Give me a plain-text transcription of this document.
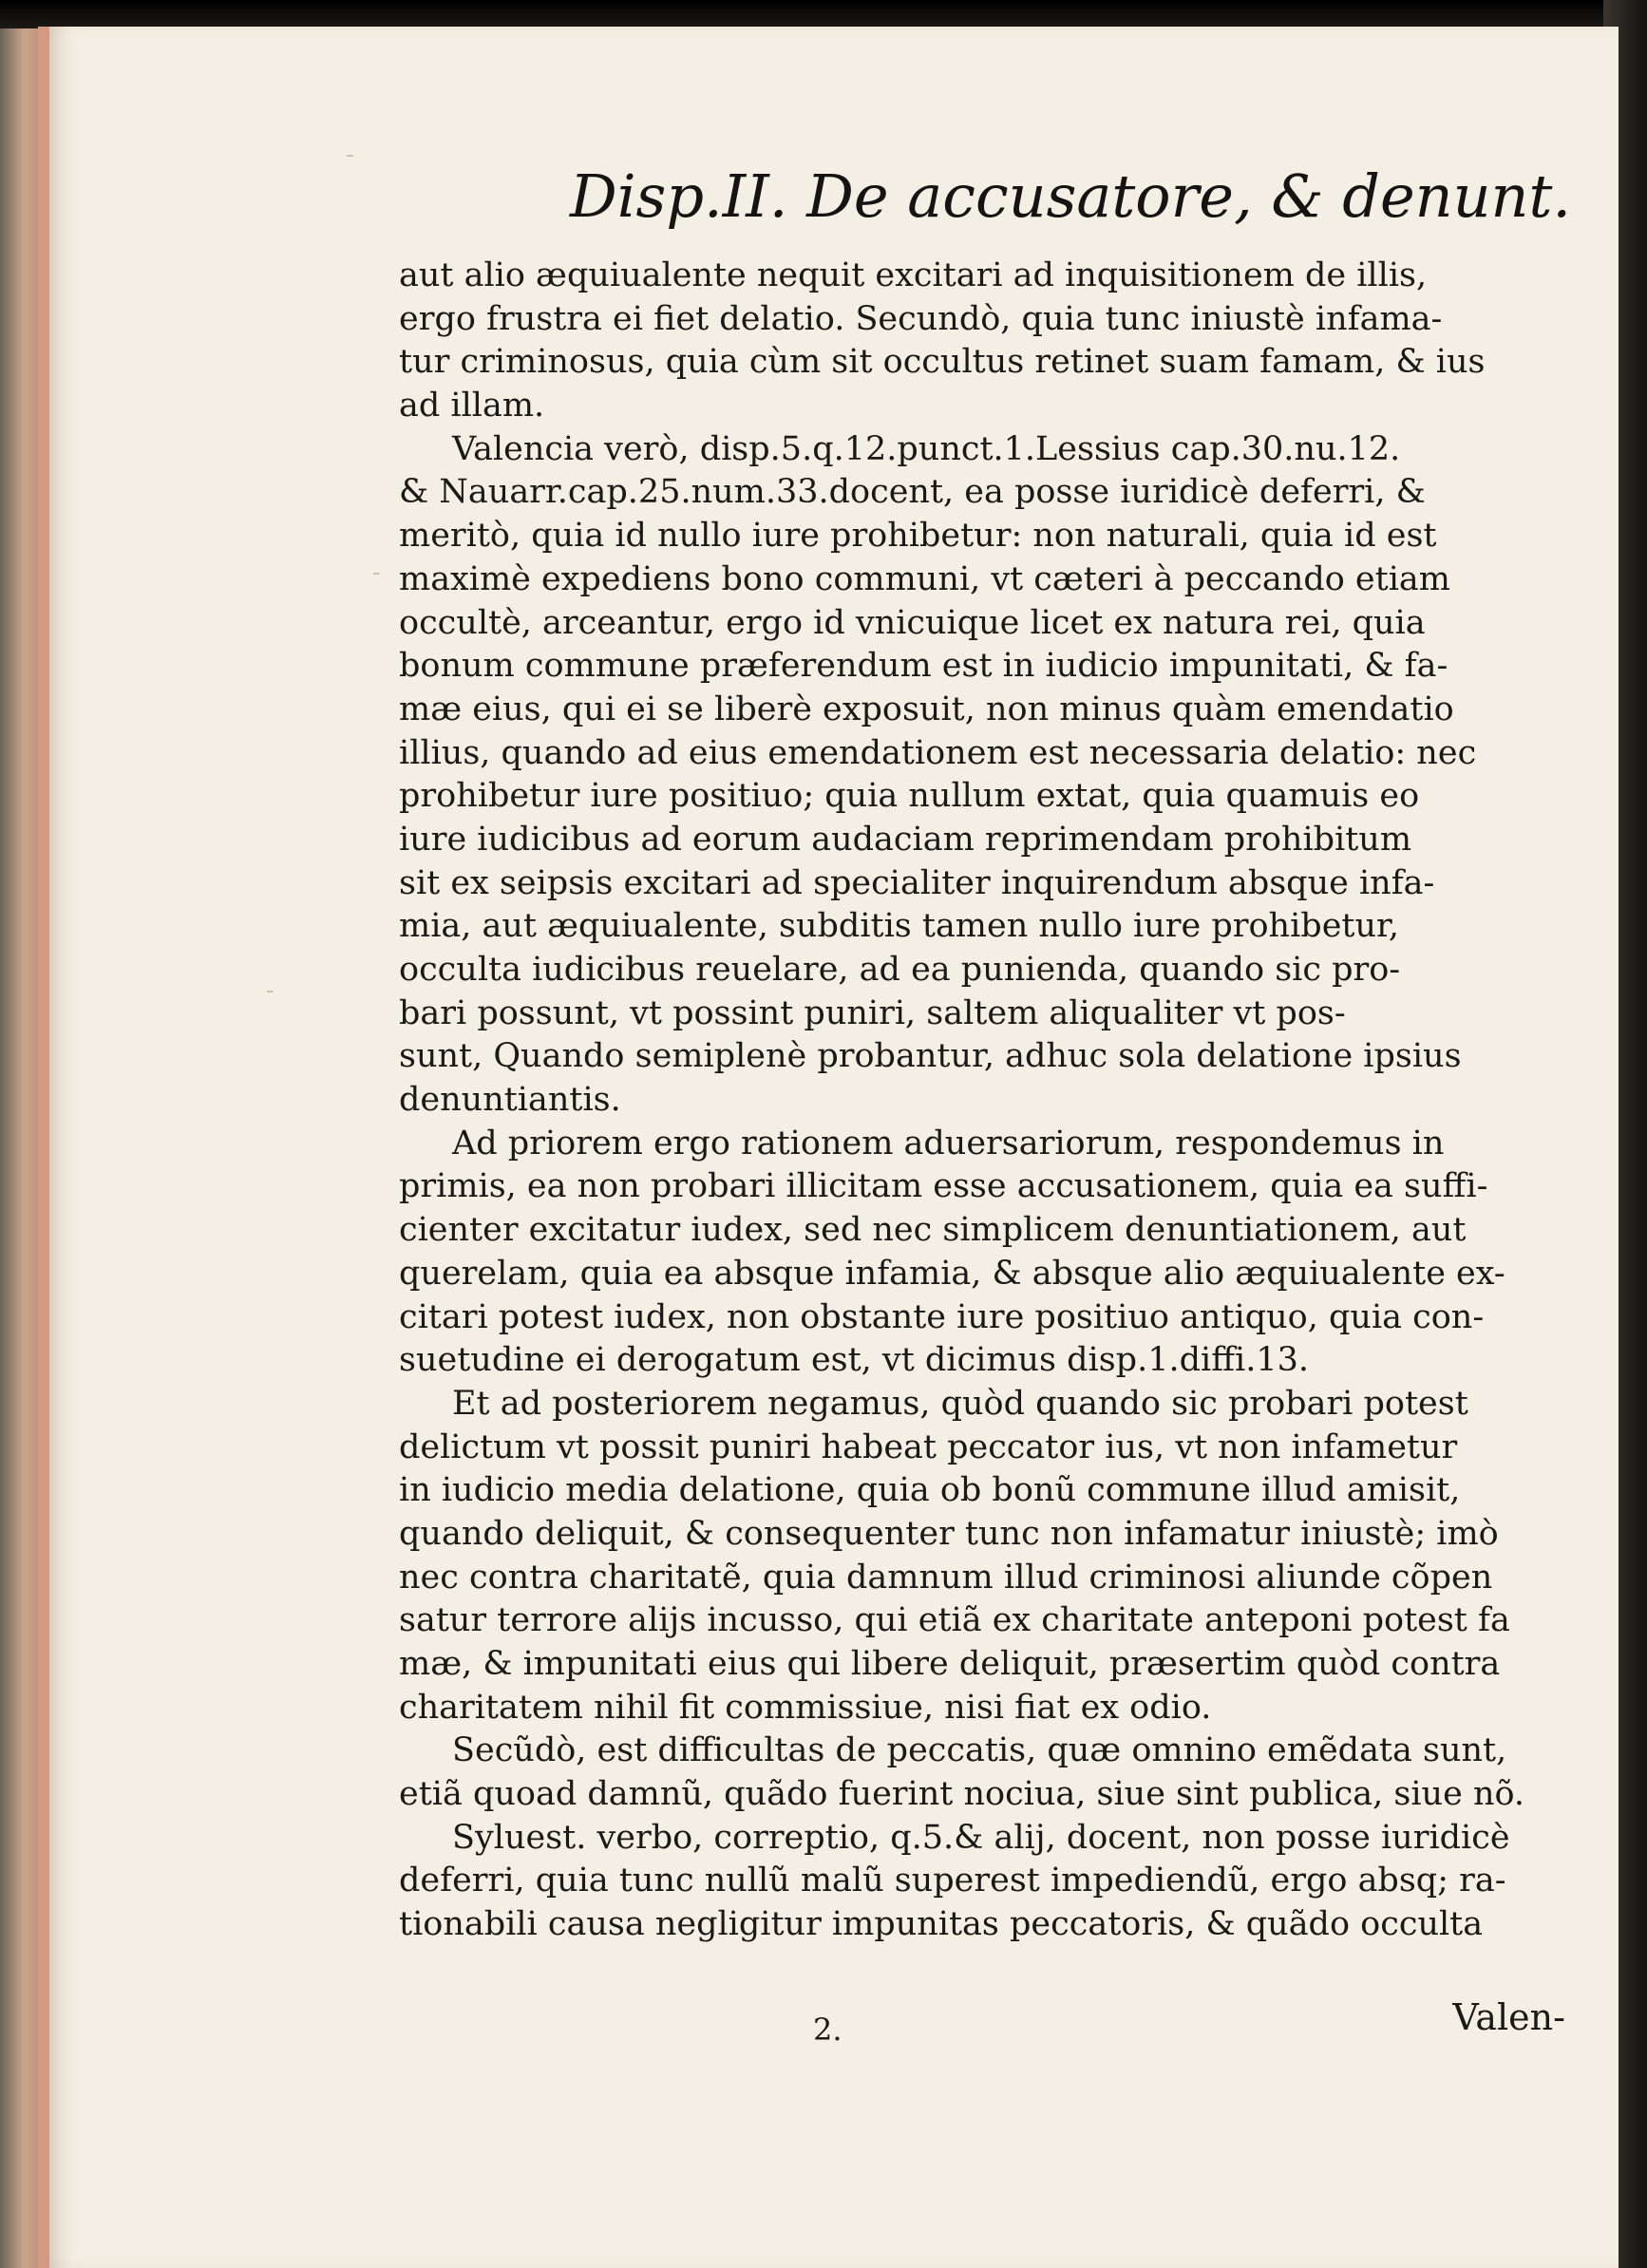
‐
‐
‐
Disp.II. De accusatore, & denunt.
aut alio æquiualente nequit excitari ad inquisitionem de illis,
ergo frustra ei fiet delatio. Secundò, quia tunc iniustè infama-
tur criminosus, quia cùm sit occultus retinet suam famam, & ius
ad illam.
Valencia verò, disp.5.q.12.punct.1.Lessius cap.30.nu.12.
& Nauarr.cap.25.num.33.docent, ea posse iuridicè deferri, &
meritò, quia id nullo iure prohibetur: non naturali, quia id est
maximè expediens bono communi, vt cæteri à peccando etiam
occultè, arceantur, ergo id vnicuique licet ex natura rei, quia
bonum commune præferendum est in iudicio impunitati, & fa-
mæ eius, qui ei se liberè exposuit, non minus quàm emendatio
illius, quando ad eius emendationem est necessaria delatio: nec
prohibetur iure positiuo; quia nullum extat, quia quamuis eo
iure iudicibus ad eorum audaciam reprimendam prohibitum
sit ex seipsis excitari ad specialiter inquirendum absque infa-
mia, aut æquiualente, subditis tamen nullo iure prohibetur,
occulta iudicibus reuelare, ad ea punienda, quando sic pro-
bari possunt, vt possint puniri, saltem aliqualiter vt pos-
sunt, Quando semiplenè probantur, adhuc sola delatione ipsius
denuntiantis.
Ad priorem ergo rationem aduersariorum, respondemus in
primis, ea non probari illicitam esse accusationem, quia ea suffi-
cienter excitatur iudex, sed nec simplicem denuntiationem, aut
querelam, quia ea absque infamia, & absque alio æquiualente ex-
citari potest iudex, non obstante iure positiuo antiquo, quia con-
suetudine ei derogatum est, vt dicimus disp.1.diffi.13.
Et ad posteriorem negamus, quòd quando sic probari potest
delictum vt possit puniri habeat peccator ius, vt non infametur
in iudicio media delatione, quia ob bonũ commune illud amisit,
quando deliquit, & consequenter tunc non infamatur iniustè; imò
nec contra charitatẽ, quia damnum illud criminosi aliunde cõpen
satur terrore alijs incusso, qui etiã ex charitate anteponi potest fa
mæ, & impunitati eius qui libere deliquit, præsertim quòd contra
charitatem nihil fit commissiue, nisi fiat ex odio.
Secũdò, est difficultas de peccatis, quæ omnino emẽdata sunt,
etiã quoad damnũ, quãdo fuerint nociua, siue sint publica, siue nõ.
Syluest. verbo, correptio, q.5.& alij, docent, non posse iuridicè
deferri, quia tunc nullũ malũ superest impediendũ, ergo absq; ra-
tionabili causa negligitur impunitas peccatoris, & quãdo occulta
2.	Valen-
